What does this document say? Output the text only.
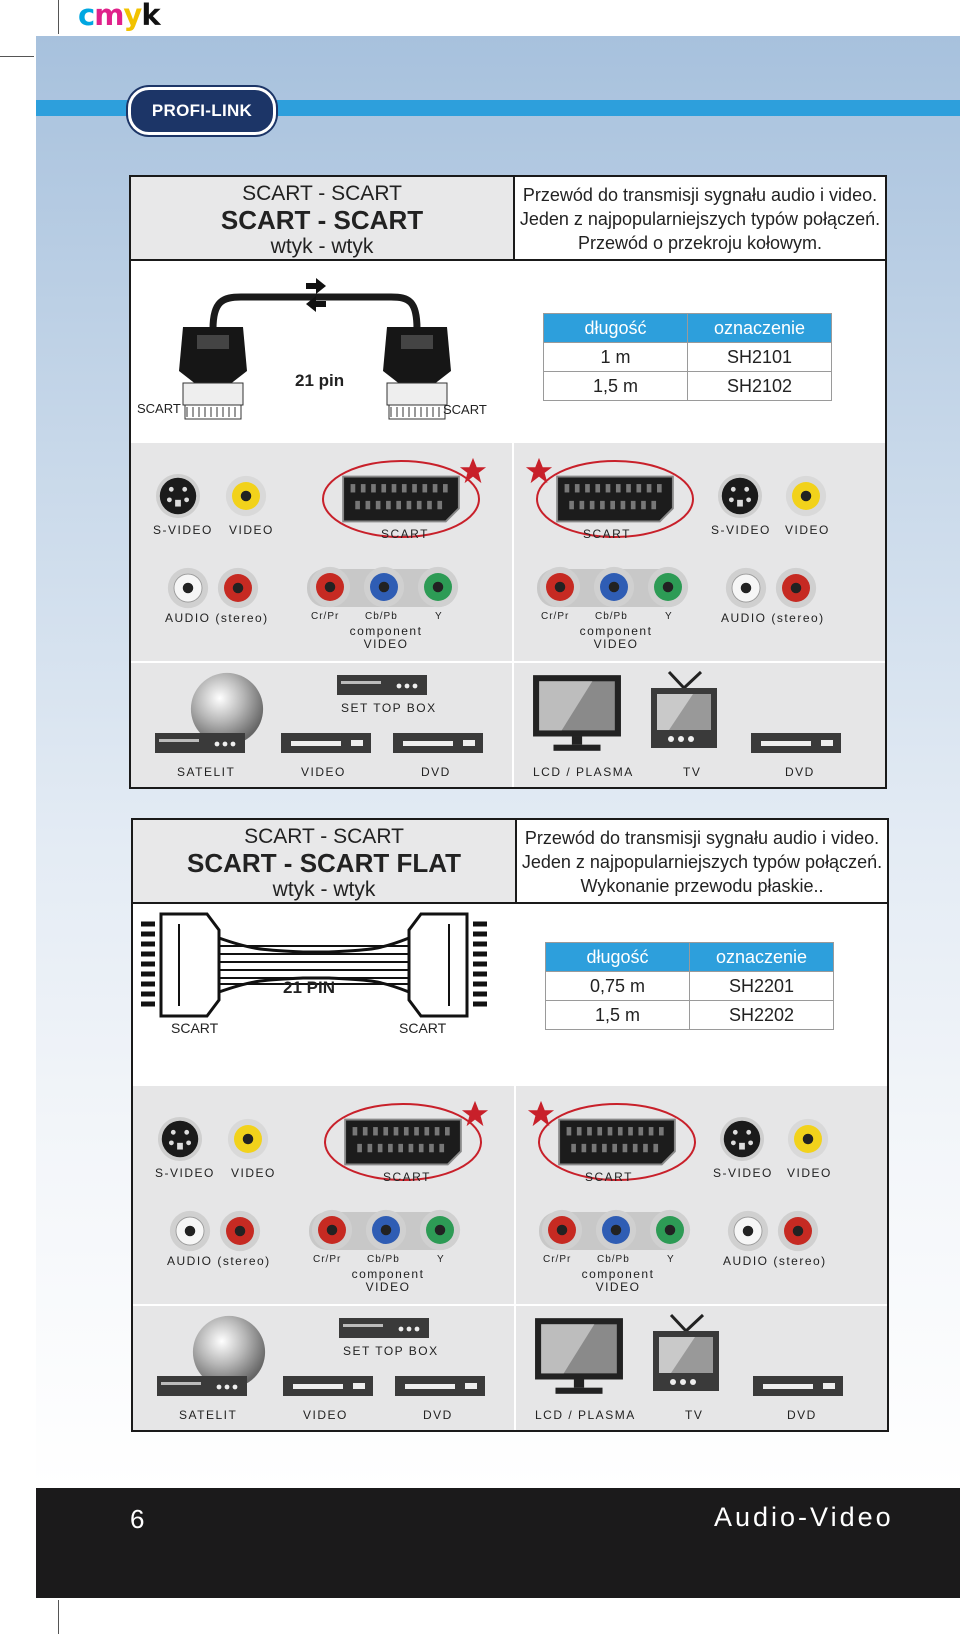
cmyk
PROFI-LINK
SCART - SCART
SCART - SCART
wtyk - wtyk
Przewód do transmisji sygnału audio i video.
Jeden z najpopularniejszych typów połączeń.
Przewód o przekroju kołowym.
21 pin
SCART	SCART
długość	oznaczenie
1 m	SH2101
1,5 m	SH2102
S-VIDEO VIDEO	SCART
AUDIO (stereo)	Cr/Pr	Cb/Pb	Y
component
VIDEO
SET TOP BOX
SATELIT	VIDEO	DVD
SCART	S-VIDEO VIDEO
Cr/Pr	Cb/Pb	Y
component
VIDEO
AUDIO (stereo)
LCD / PLASMA	TV	DVD
SCART - SCART
SCART - SCART FLAT
wtyk - wtyk
Przewód do transmisji sygnału audio i video.
Jeden z najpopularniejszych typów połączeń.
Wykonanie przewodu płaskie..
21 PIN
SCART	SCART
długość	oznaczenie
0,75 m	SH2201
1,5 m	SH2202
S-VIDEO VIDEO	SCART
AUDIO (stereo)	Cr/Pr	Cb/Pb	Y
component
VIDEO
SET TOP BOX
SATELIT	VIDEO	DVD
SCART	S-VIDEO VIDEO
Cr/Pr	Cb/Pb	Y
component
VIDEO
AUDIO (stereo)
LCD / PLASMA	TV	DVD
6	Audio-Video
